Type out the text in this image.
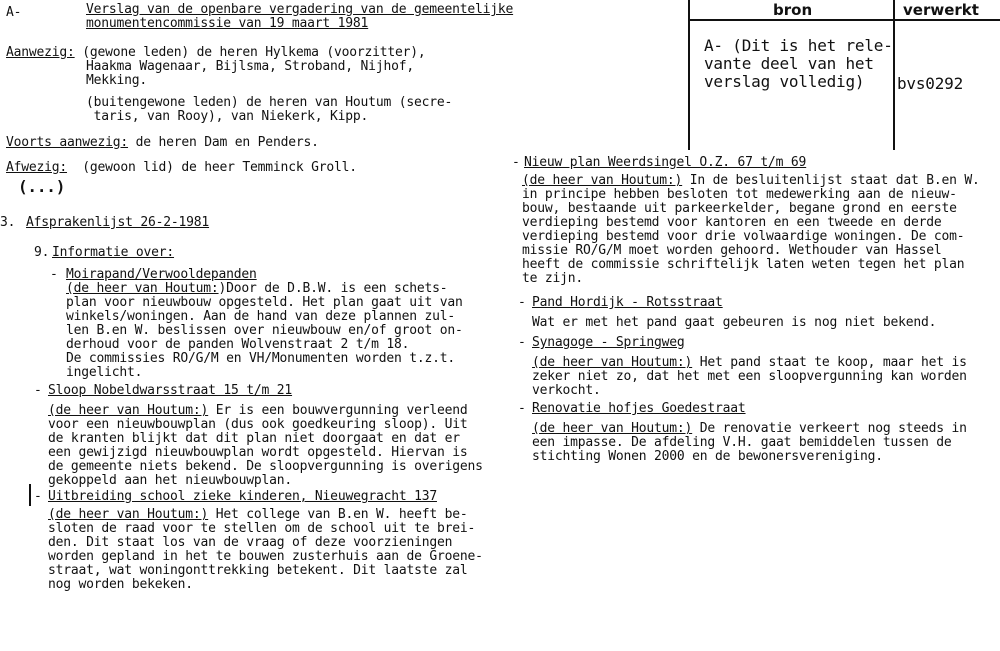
bron	verwerkt
A- (Dit is het rele-
vante deel van het
verslag volledig)	bvs0292
A-	Verslag van de openbare vergadering van de gemeentelijke
monumentencommissie van 19 maart 1981
Aanwezig: (gewone leden) de heren Hylkema (voorzitter),
Haakma Wagenaar, Bijlsma, Stroband, Nijhof,
Mekking.
(buitengewone leden) de heren van Houtum (secre-
taris, van Rooy), van Niekerk, Kipp.
Voorts aanwezig: de heren Dam en Penders.
Afwezig:  (gewoon lid) de heer Temminck Groll.
(...)
3. Afsprakenlijst 26-2-1981
9. Informatie over:
- Moirapand/Verwooldepanden
(de heer van Houtum:)Door de D.B.W. is een schets-
plan voor nieuwbouw opgesteld. Het plan gaat uit van
winkels/woningen. Aan de hand van deze plannen zul-
len B.en W. beslissen over nieuwbouw en/of groot on-
derhoud voor de panden Wolvenstraat 2 t/m 18.
De commissies RO/G/M en VH/Monumenten worden t.z.t.
ingelicht.
- Sloop Nobeldwarsstraat 15 t/m 21
(de heer van Houtum:) Er is een bouwvergunning verleend
voor een nieuwbouwplan (dus ook goedkeuring sloop). Uit
de kranten blijkt dat dit plan niet doorgaat en dat er
een gewijzigd nieuwbouwplan wordt opgesteld. Hiervan is
de gemeente niets bekend. De sloopvergunning is overigens
gekoppeld aan het nieuwbouwplan.
- Uitbreiding school zieke kinderen, Nieuwegracht 137
(de heer van Houtum:) Het college van B.en W. heeft be-
sloten de raad voor te stellen om de school uit te brei-
den. Dit staat los van de vraag of deze voorzieningen
worden gepland in het te bouwen zusterhuis aan de Groene-
straat, wat woningonttrekking betekent. Dit laatste zal
nog worden bekeken.
- Nieuw plan Weerdsingel O.Z. 67 t/m 69
(de heer van Houtum:) In de besluitenlijst staat dat B.en W.
in principe hebben besloten tot medewerking aan de nieuw-
bouw, bestaande uit parkeerkelder, begane grond en eerste
verdieping bestemd voor kantoren en een tweede en derde
verdieping bestemd voor drie volwaardige woningen. De com-
missie RO/G/M moet worden gehoord. Wethouder van Hassel
heeft de commissie schriftelijk laten weten tegen het plan
te zijn.
- Pand Hordijk - Rotsstraat
Wat er met het pand gaat gebeuren is nog niet bekend.
- Synagoge - Springweg
(de heer van Houtum:) Het pand staat te koop, maar het is
zeker niet zo, dat het met een sloopvergunning kan worden
verkocht.
- Renovatie hofjes Goedestraat
(de heer van Houtum:) De renovatie verkeert nog steeds in
een impasse. De afdeling V.H. gaat bemiddelen tussen de
stichting Wonen 2000 en de bewonersvereniging.
